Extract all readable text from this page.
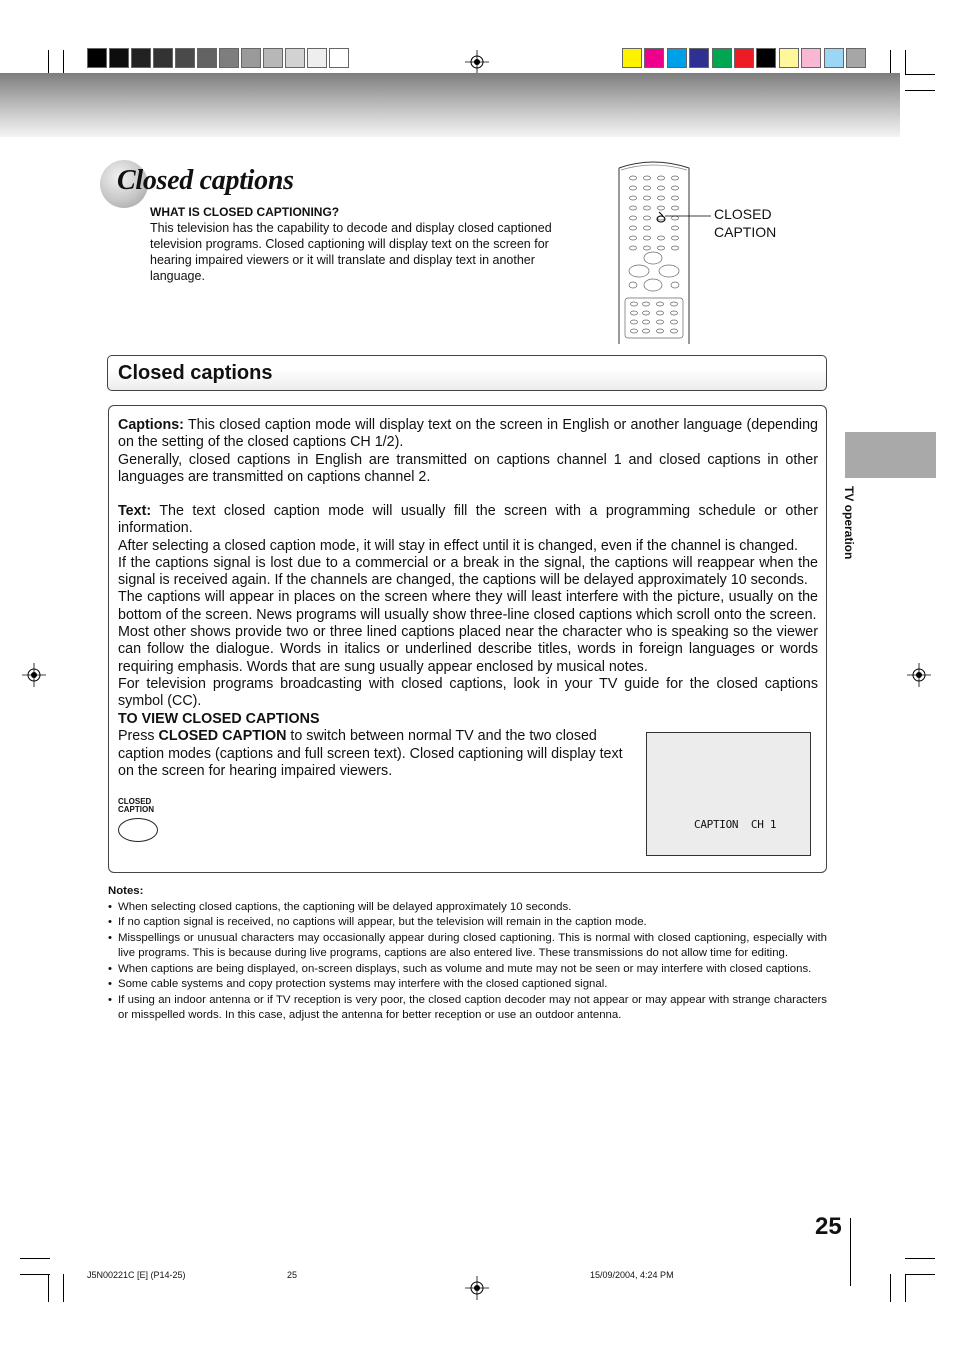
Closed captions
WHAT IS CLOSED CAPTIONING?
This television has the capability to decode and display closed captioned television programs. Closed captioning will display text on the screen for hearing impaired viewers or it will translate and display text in another language.
CLOSED
CAPTION
Closed captions
TV operation
Captions: This closed caption mode will display text on the screen in English or another language (depending on the setting of the closed captions CH 1/2).
Generally, closed captions in English are transmitted on captions channel 1 and closed captions in other languages are transmitted on captions channel 2.
Text: The text closed caption mode will usually fill the screen with a programming schedule or other information.
After selecting a closed caption mode, it will stay in effect until it is changed, even if the channel is changed.
If the captions signal is lost due to a commercial or a break in the signal, the captions will reappear when the signal is received again. If the channels are changed, the captions will be delayed approximately 10 seconds.
The captions will appear in places on the screen where they will least interfere with the picture, usually on the bottom of the screen. News programs will usually show three-line closed captions which scroll onto the screen.
Most other shows provide two or three lined captions placed near the character who is speaking so the viewer can follow the dialogue. Words in italics or underlined describe titles, words in foreign languages or words requiring emphasis. Words that are sung usually appear enclosed by musical notes.
For television programs broadcasting with closed captions, look in your TV guide for the closed captions symbol (CC).
TO VIEW CLOSED CAPTIONS
Press CLOSED CAPTION to switch between normal TV and the two closed caption modes (captions and full screen text). Closed captioning will display text on the screen for hearing impaired viewers.
CLOSED
CAPTION
CAPTION  CH 1
Notes:
• When selecting closed captions, the captioning will be delayed approximately 10 seconds.
• If no caption signal is received, no captions will appear, but the television will remain in the caption mode.
• Misspellings or unusual characters may occasionally appear during closed captioning. This is normal with closed captioning, especially with live programs. This is because during live programs, captions are also entered live. These transmissions do not allow time for editing.
• When captions are being displayed, on-screen displays, such as volume and mute may not be seen or may interfere with closed captions.
• Some cable systems and copy protection systems may interfere with the closed captioned signal.
• If using an indoor antenna or if TV reception is very poor, the closed caption decoder may not appear or may appear with strange characters or misspelled words. In this case, adjust the antenna for better reception or use an outdoor antenna.
25
J5N00221C [E] (P14-25)	25	15/09/2004, 4:24 PM
